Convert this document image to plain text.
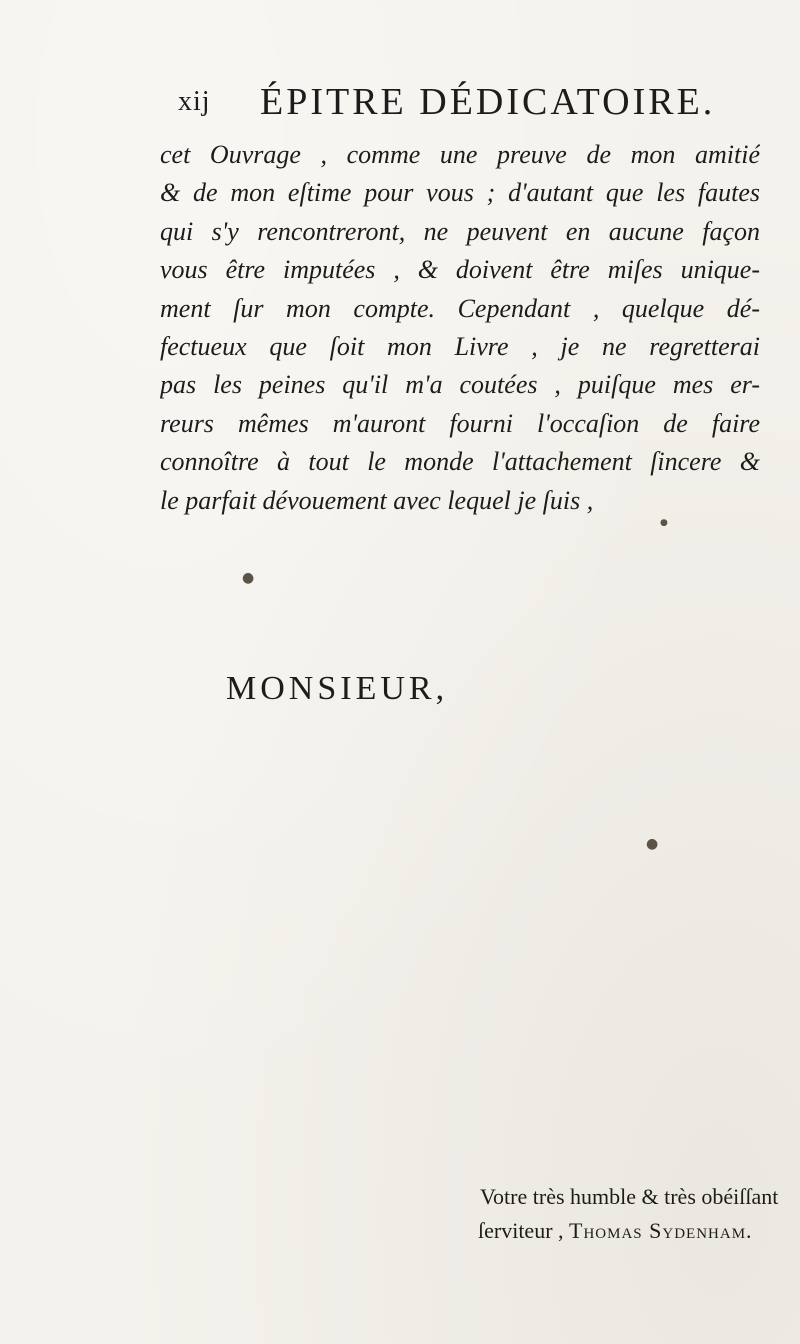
xij ÉPITRE DÉDICATOIRE.
cet Ouvrage , comme une preuve de mon amitié
& de mon eſtime pour vous ; d'autant que les fautes
qui s'y rencontreront, ne peuvent en aucune façon
vous être imputées , & doivent être miſes unique-
ment ſur mon compte. Cependant , quelque dé-
fectueux que ſoit mon Livre , je ne regretterai
pas les peines qu'il m'a coutées , puiſque mes er-
reurs mêmes m'auront fourni l'occaſion de faire
connoître à tout le monde l'attachement ſincere &
le parfait dévouement avec lequel je ſuis ,
●
●
●
MONSIEUR,
Votre très humble & très obéiſſant
ſerviteur , Thomas Sydenham.
